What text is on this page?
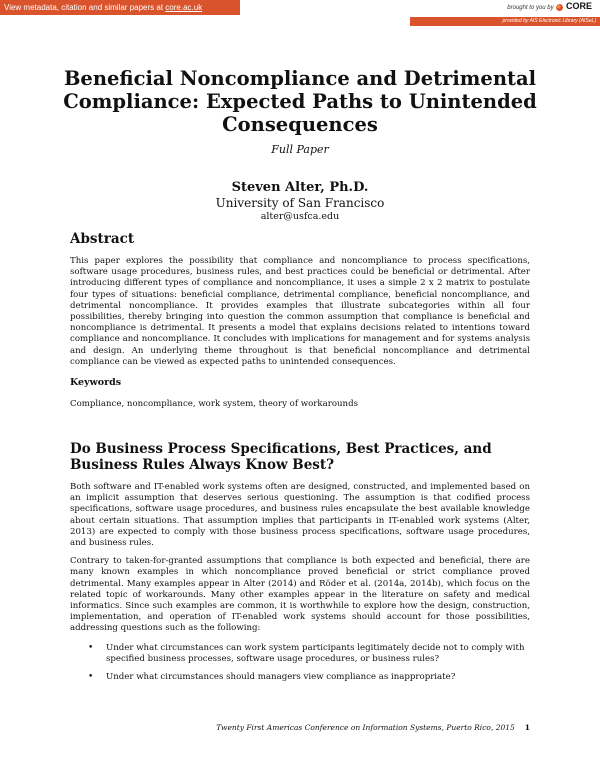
View metadata, citation and similar papers at core.ac.uk	brought to you by CORE
provided by AIS Electronic Library (AISeL)
Beneficial Noncompliance and Detrimental Compliance: Expected Paths to Unintended Consequences

Full Paper

Steven Alter, Ph.D.

University of San Francisco

alter@usfca.edu

Abstract

This paper explores the possibility that compliance and noncompliance to process specifications, software usage procedures, business rules, and best practices could be beneficial or detrimental. After introducing different types of compliance and noncompliance, it uses a simple 2 x 2 matrix to postulate four types of situations: beneficial compliance, detrimental compliance, beneficial noncompliance, and detrimental noncompliance. It provides examples that illustrate subcategories within all four possibilities, thereby bringing into question the common assumption that compliance is beneficial and noncompliance is detrimental. It presents a model that explains decisions related to intentions toward compliance and noncompliance. It concludes with implications for management and for systems analysis and design. An underlying theme throughout is that beneficial noncompliance and detrimental compliance can be viewed as expected paths to unintended consequences.

Keywords

Compliance, noncompliance, work system, theory of workarounds

Do Business Process Specifications, Best Practices, and Business Rules Always Know Best?

Both software and IT-enabled work systems often are designed, constructed, and implemented based on an implicit assumption that deserves serious questioning. The assumption is that codified process specifications, software usage procedures, and business rules encapsulate the best available knowledge about certain situations. That assumption implies that participants in IT-enabled work systems (Alter, 2013) are expected to comply with those business process specifications, software usage procedures, and business rules.

Contrary to taken-for-granted assumptions that compliance is both expected and beneficial, there are many known examples in which noncompliance proved beneficial or strict compliance proved detrimental. Many examples appear in Alter (2014) and Röder et al. (2014a, 2014b), which focus on the related topic of workarounds. Many other examples appear in the literature on safety and medical informatics. Since such examples are common, it is worthwhile to explore how the design, construction, implementation, and operation of IT-enabled work systems should account for those possibilities, addressing questions such as the following:

• Under what circumstances can work system participants legitimately decide not to comply with specified business processes, software usage procedures, or business rules?
• Under what circumstances should managers view compliance as inappropriate?
Twenty First Americas Conference on Information Systems, Puerto Rico, 2015 1
